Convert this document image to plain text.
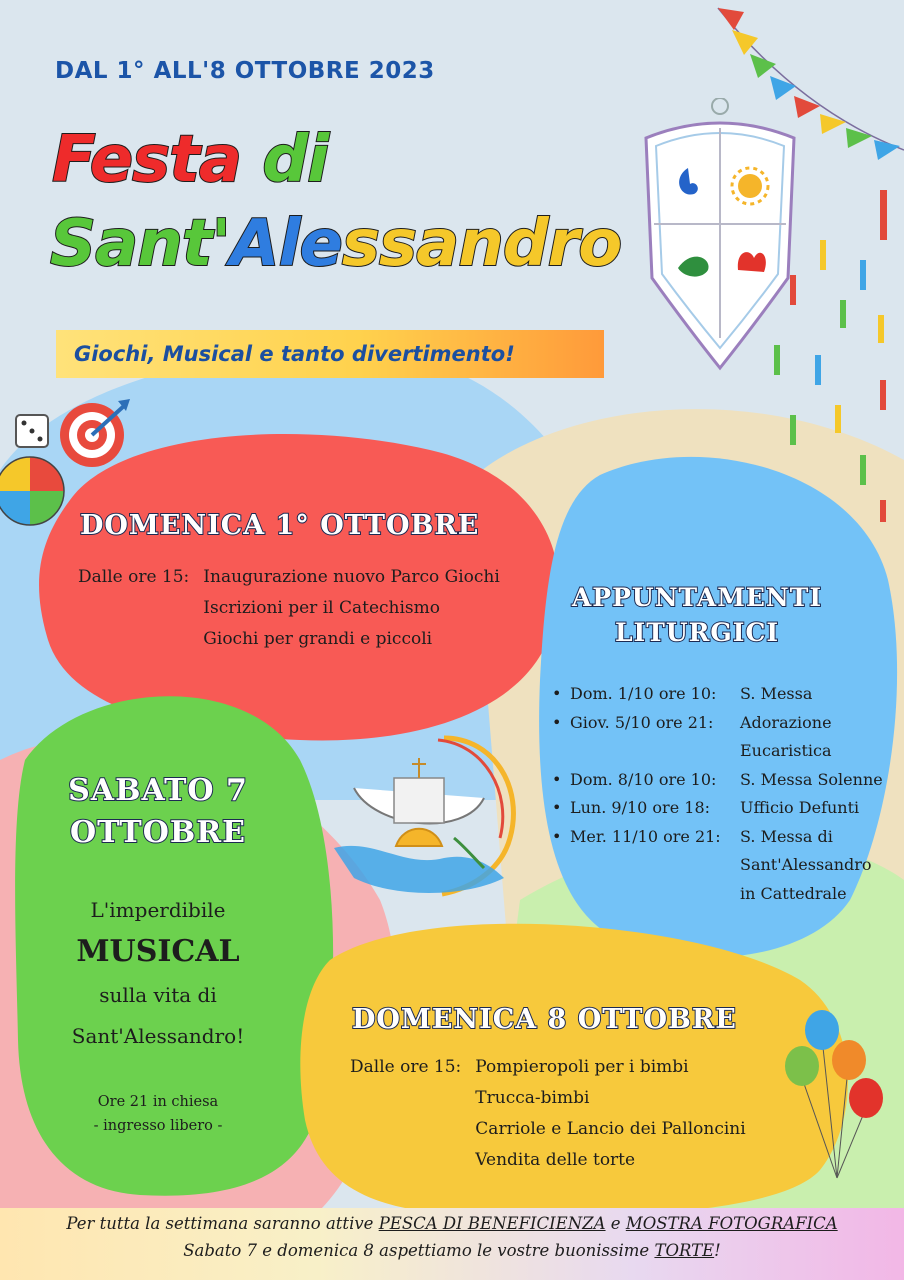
DAL 1° ALL'8 OTTOBRE 2023
Festa di
Sant'Alessandro
Giochi, Musical e tanto divertimento!
DOMENICA 1° OTTOBRE
Dalle ore 15: Inaugurazione nuovo Parco Giochi
Iscrizioni per il Catechismo
Giochi per grandi e piccoli
APPUNTAMENTI
LITURGICI
• Dom. 1/10 ore 10:	S. Messa
• Giov. 5/10 ore 21:	Adorazione
Eucaristica
• Dom. 8/10 ore 10:	S. Messa Solenne
• Lun. 9/10 ore 18:	Ufficio Defunti
• Mer. 11/10 ore 21:	S. Messa di
Sant'Alessandro
in Cattedrale
SABATO 7
OTTOBRE
L'imperdibile
MUSICAL
sulla vita di
Sant'Alessandro!
Ore 21 in chiesa
- ingresso libero -
DOMENICA 8 OTTOBRE
Dalle ore 15: Pompieropoli per i bimbi
Trucca-bimbi
Carriole e Lancio dei Palloncini
Vendita delle torte
Per tutta la settimana saranno attive PESCA DI BENEFICIENZA e MOSTRA FOTOGRAFICA
Sabato 7 e domenica 8 aspettiamo le vostre buonissime TORTE!
